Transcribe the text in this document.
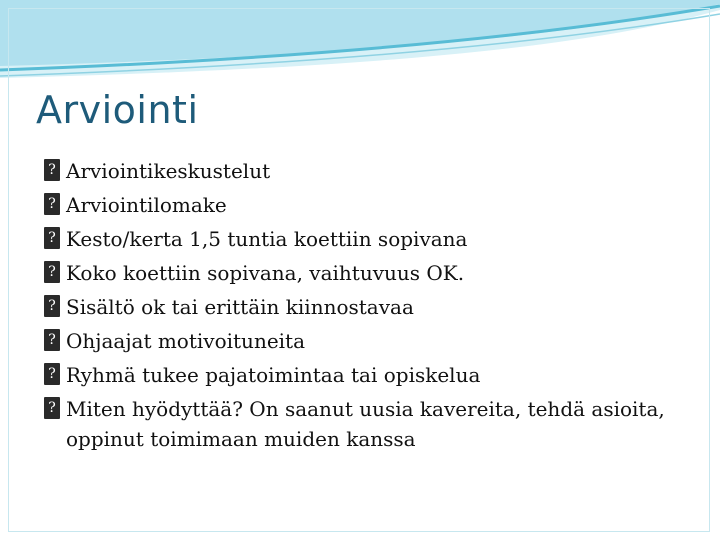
Arviointi
? Arviointikeskustelut
? Arviointilomake
? Kesto/kerta 1,5 tuntia koettiin sopivana
? Koko koettiin sopivana, vaihtuvuus OK.
? Sisältö ok tai erittäin kiinnostavaa
? Ohjaajat motivoituneita
? Ryhmä tukee pajatoimintaa tai opiskelua
? Miten hyödyttää? On saanut uusia kavereita, tehdä asioita, oppinut toimimaan muiden kanssa
